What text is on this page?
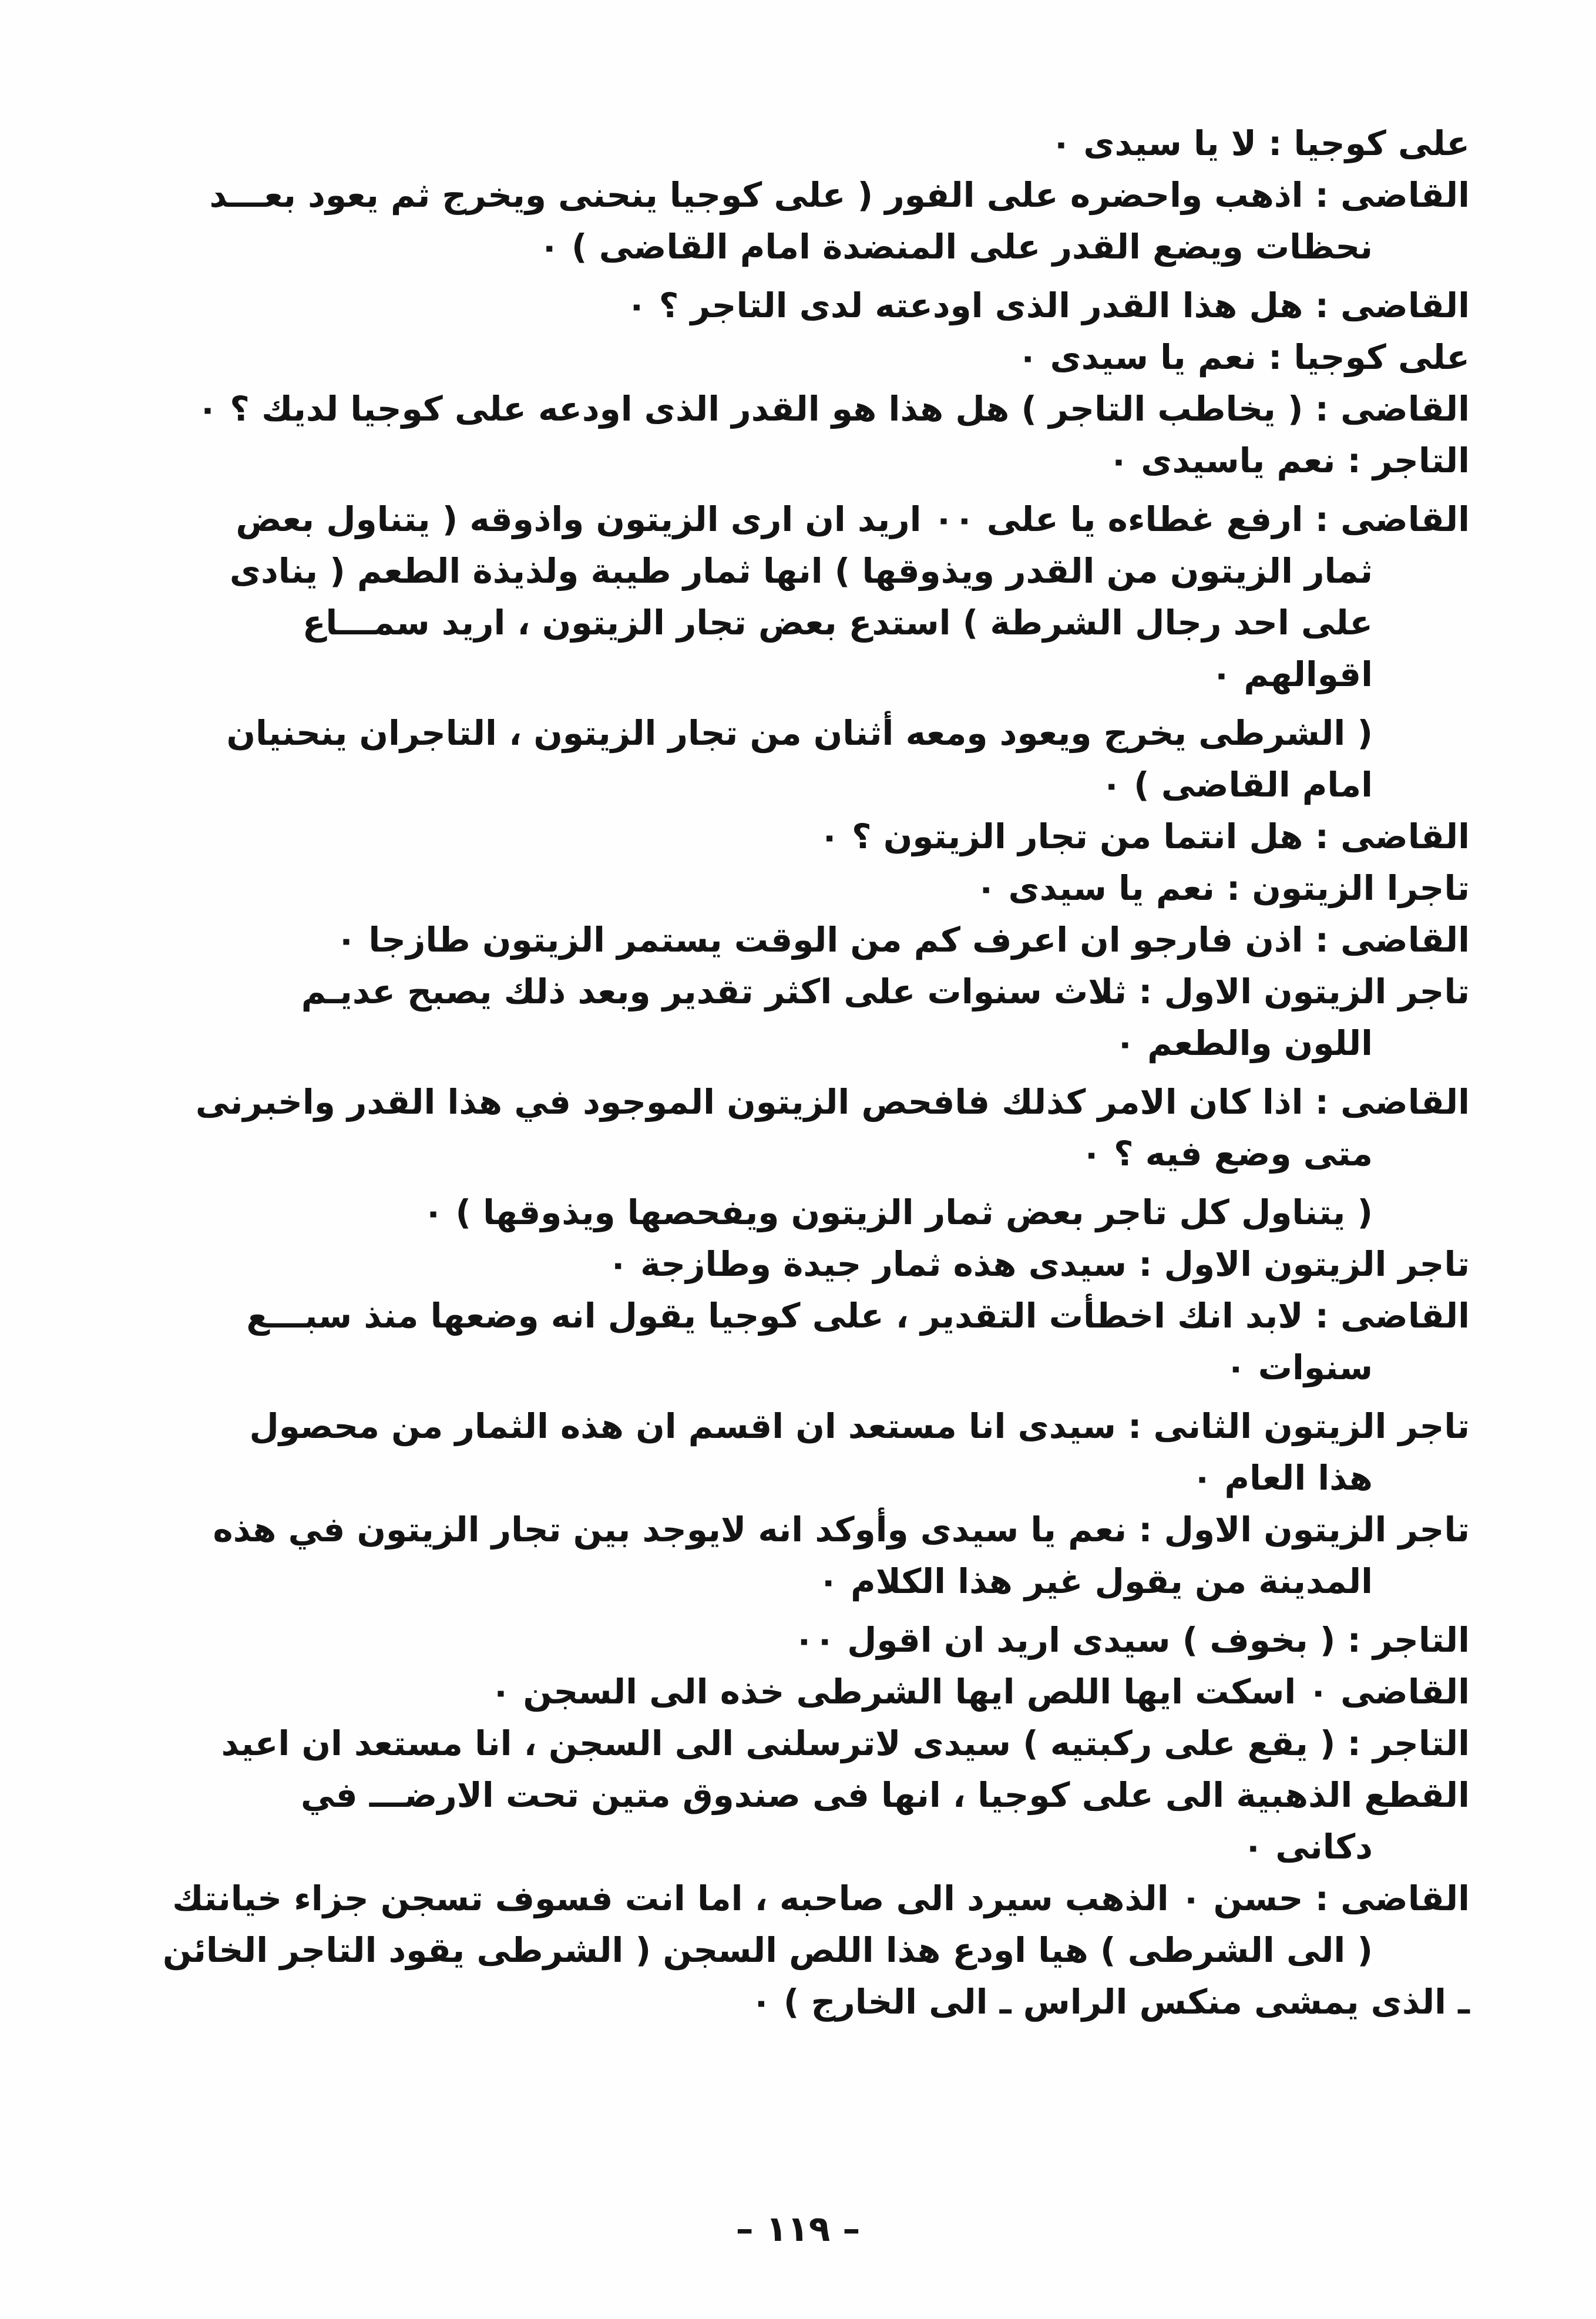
على كوجيا : لا يا سيدى ٠
القاضى : اذهب واحضره على الفور ( على كوجيا ينحنى ويخرج ثم يعود بعـــد
نحظات ويضع القدر على المنضدة امام القاضى ) ٠
القاضى : هل هذا القدر الذى اودعته لدى التاجر ؟ ٠
على كوجيا : نعم يا سيدى ٠
القاضى : ( يخاطب التاجر ) هل هذا هو القدر الذى اودعه على كوجيا لديك ؟ ٠
التاجر : نعم ياسيدى ٠
القاضى : ارفع غطاءه يا على ٠٠ اريد ان ارى الزيتون واذوقه ( يتناول بعض
ثمار الزيتون من القدر ويذوقها ) انها ثمار طيبة ولذيذة الطعم ( ينادى
على احد رجال الشرطة ) استدع بعض تجار الزيتون ، اريد سمـــاع
اقوالهم ٠
( الشرطى يخرج ويعود ومعه أثنان من تجار الزيتون ، التاجران ينحنيان
امام القاضى ) ٠
القاضى : هل انتما من تجار الزيتون ؟ ٠
تاجرا الزيتون : نعم يا سيدى ٠
القاضى : اذن فارجو ان اعرف كم من الوقت يستمر الزيتون طازجا ٠
تاجر الزيتون الاول : ثلاث سنوات على اكثر تقدير وبعد ذلك يصبح عديـم
اللون والطعم ٠
القاضى : اذا كان الامر كذلك فافحص الزيتون الموجود في هذا القدر واخبرنى
متى وضع فيه ؟ ٠
( يتناول كل تاجر بعض ثمار الزيتون ويفحصها ويذوقها ) ٠
تاجر الزيتون الاول : سيدى هذه ثمار جيدة وطازجة ٠
القاضى : لابد انك اخطأت التقدير ، على كوجيا يقول انه وضعها منذ سبـــع
سنوات ٠
تاجر الزيتون الثانى : سيدى انا مستعد ان اقسم ان هذه الثمار من محصول
هذا العام ٠
تاجر الزيتون الاول : نعم يا سيدى وأوكد انه لايوجد بين تجار الزيتون في هذه
المدينة من يقول غير هذا الكلام ٠
التاجر : ( بخوف ) سيدى اريد ان اقول ٠٠
القاضى ٠ اسكت ايها اللص ايها الشرطى خذه الى السجن ٠
التاجر : ( يقع على ركبتيه ) سيدى لاترسلنى الى السجن ، انا مستعد ان اعيد
القطع الذهبية الى على كوجيا ، انها فى صندوق متين تحت الارضـــ في
دكانى ٠
القاضى : حسن ٠ الذهب سيرد الى صاحبه ، اما انت فسوف تسجن جزاء خيانتك
( الى الشرطى ) هيا اودع هذا اللص السجن ( الشرطى يقود التاجر الخائن
ـ الذى يمشى منكس الراس ـ الى الخارج ) ٠
– ١١٩ –
